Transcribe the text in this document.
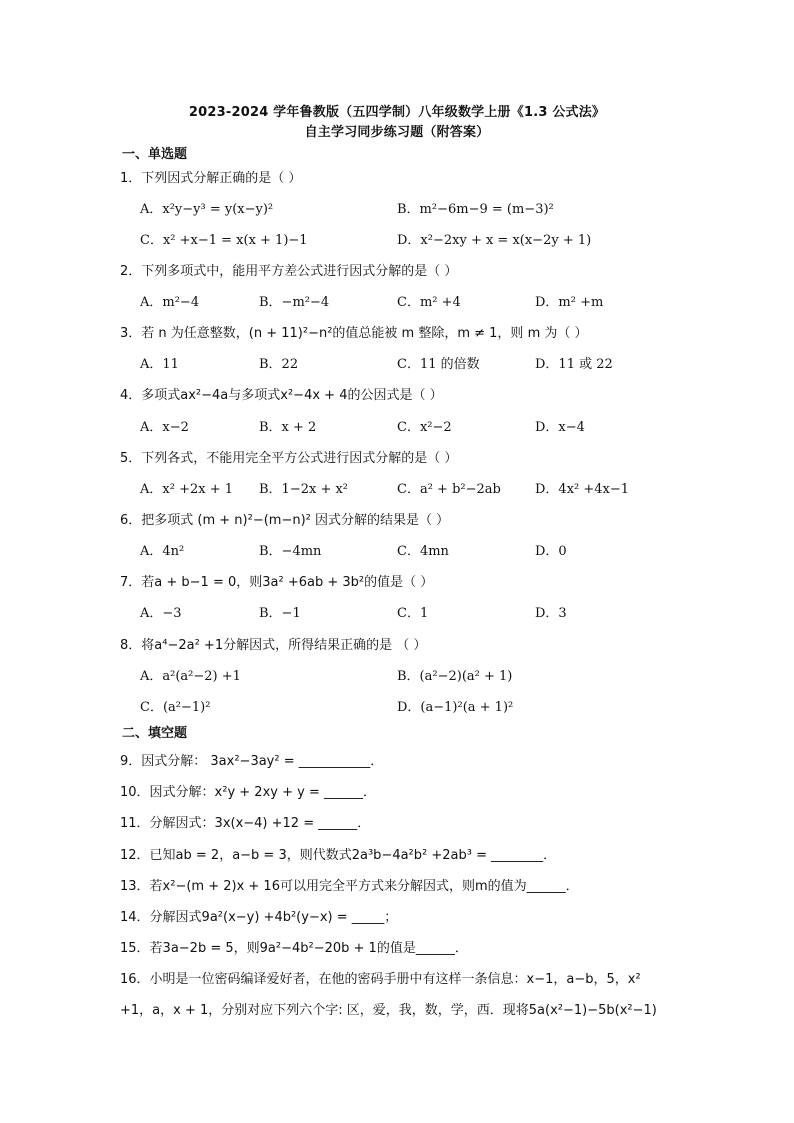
2023-2024 学年鲁教版（五四学制）八年级数学上册《1.3 公式法》
自主学习同步练习题（附答案）
一、单选题
1．下列因式分解正确的是（ ）
A．x²y−y³ = y(x−y)²	B．m²−6m−9 = (m−3)²
C．x² +x−1 = x(x + 1)−1	D．x²−2xy + x = x(x−2y + 1)
2．下列多项式中，能用平方差公式进行因式分解的是（ ）
A．m²−4	B．−m²−4	C．m² +4	D．m² +m
3．若 n 为任意整数，(n + 11)²−n²的值总能被 m 整除，m ≠ 1，则 m 为（ ）
A．11	B．22	C．11 的倍数	D．11 或 22
4．多项式ax²−4a与多项式x²−4x + 4的公因式是（ ）
A．x−2	B．x + 2	C．x²−2	D．x−4
5．下列各式，不能用完全平方公式进行因式分解的是（ ）
A．x² +2x + 1 B．1−2x + x²	C．a² + b²−2ab	D．4x² +4x−1
6．把多项式 (m + n)²−(m−n)² 因式分解的结果是（ ）
A．4n²	B．−4mn	C．4mn	D．0
7．若a + b−1 = 0，则3a² +6ab + 3b²的值是（ ）
A．−3	B．−1	C．1	D．3
8．将a⁴−2a² +1分解因式，所得结果正确的是 （ ）
A．a²(a²−2) +1	B．(a²−2)(a² + 1)
C．(a²−1)²	D．(a−1)²(a + 1)²
二、填空题
9．因式分解： 3ax²−3ay² = ___________．
10．因式分解：x²y + 2xy + y = ______．
11．分解因式：3x(x−4) +12 = ______．
12．已知ab = 2，a−b = 3，则代数式2a³b−4a²b² +2ab³ = ________．
13．若x²−(m + 2)x + 16可以用完全平方式来分解因式，则m的值为______．
14．分解因式9a²(x−y) +4b²(y−x) = _____；
15．若3a−2b = 5，则9a²−4b²−20b + 1的值是______．
16．小明是一位密码编译爱好者，在他的密码手册中有这样一条信息：x−1，a−b，5，x²
+1，a，x + 1，分别对应下列六个字: 区，爱，我，数，学，西．现将5a(x²−1)−5b(x²−1)
